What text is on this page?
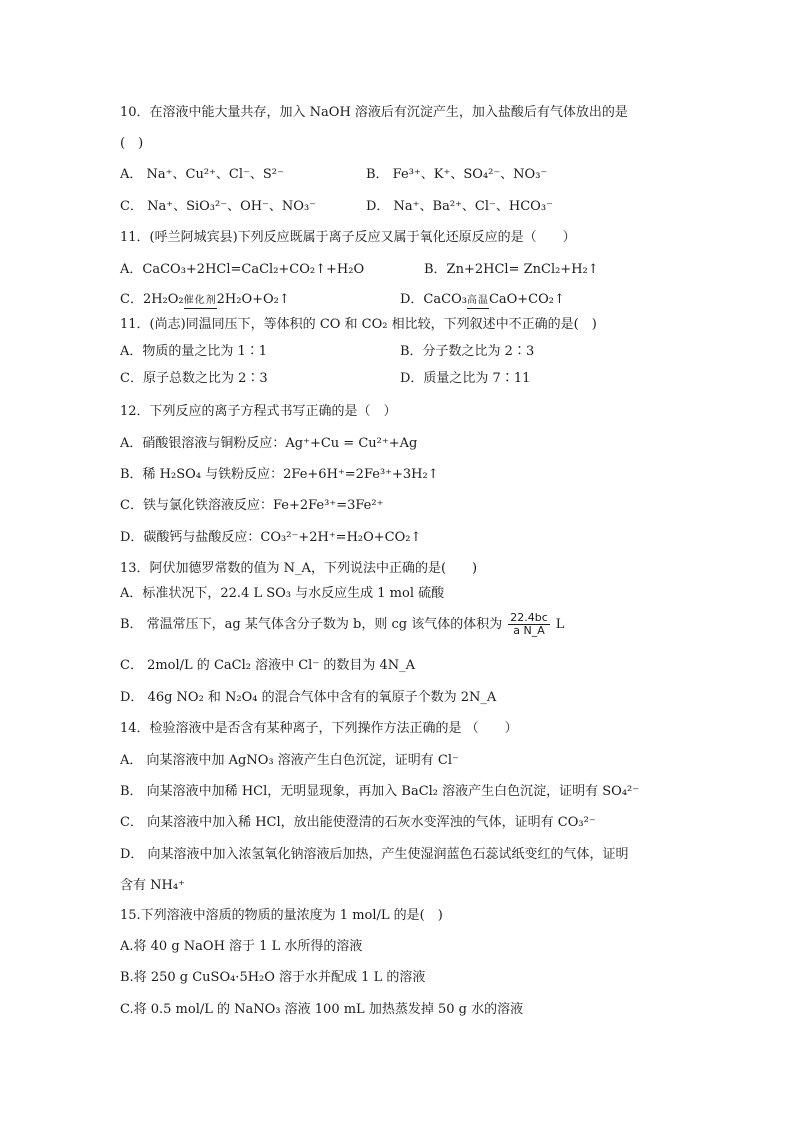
10．在溶液中能大量共存，加入 NaOH 溶液后有沉淀产生，加入盐酸后有气体放出的是
(　)
A． Na⁺、Cu²⁺、Cl⁻、S²⁻	B． Fe³⁺、K⁺、SO₄²⁻、NO₃⁻
C． Na⁺、SiO₃²⁻、OH⁻、NO₃⁻	D． Na⁺、Ba²⁺、Cl⁻、HCO₃⁻
11．(呼兰阿城宾县)下列反应既属于离子反应又属于氧化还原反应的是（　　）
A．CaCO₃+2HCl=CaCl₂+CO₂↑+H₂O	B．Zn+2HCl= ZnCl₂+H₂↑
C．2H₂O₂催化剂2H₂O+O₂↑	D．CaCO₃高温CaO+CO₂↑
11．(尚志)同温同压下，等体积的 CO 和 CO₂ 相比较，下列叙述中不正确的是(　)
A．物质的量之比为 1∶1	B．分子数之比为 2∶3
C．原子总数之比为 2∶3	D．质量之比为 7∶11
12．下列反应的离子方程式书写正确的是（　）
A．硝酸银溶液与铜粉反应：Ag⁺+Cu = Cu²⁺+Ag
B．稀 H₂SO₄ 与铁粉反应：2Fe+6H⁺=2Fe³⁺+3H₂↑
C．铁与氯化铁溶液反应：Fe+2Fe³⁺=3Fe²⁺
D．碳酸钙与盐酸反应：CO₃²⁻+2H⁺=H₂O+CO₂↑
13．阿伏加德罗常数的值为 N_A，下列说法中正确的是(　　)
A．标准状况下，22.4 L SO₃ 与水反应生成 1 mol 硫酸
B． 常温常压下，ag 某气体含分子数为 b，则 cg 该气体的体积为 $\frac{22.4bc}{\text{a N\_A}}$ L
C． 2mol/L 的 CaCl₂ 溶液中 Cl⁻ 的数目为 4N_A
D． 46g NO₂ 和 N₂O₄ 的混合气体中含有的氧原子个数为 2N_A
14．检验溶液中是否含有某种离子，下列操作方法正确的是 （　　）
A． 向某溶液中加 AgNO₃ 溶液产生白色沉淀，证明有 Cl⁻
B． 向某溶液中加稀 HCl，无明显现象，再加入 BaCl₂ 溶液产生白色沉淀，证明有 SO₄²⁻
C． 向某溶液中加入稀 HCl，放出能使澄清的石灰水变浑浊的气体，证明有 CO₃²⁻
D． 向某溶液中加入浓氢氧化钠溶液后加热，产生使湿润蓝色石蕊试纸变红的气体，证明
含有 NH₄⁺
15.下列溶液中溶质的物质的量浓度为 1 mol/L 的是(　)
A.将 40 g NaOH 溶于 1 L 水所得的溶液
B.将 250 g CuSO₄·5H₂O 溶于水并配成 1 L 的溶液
C.将 0.5 mol/L 的 NaNO₃ 溶液 100 mL 加热蒸发掉 50 g 水的溶液
